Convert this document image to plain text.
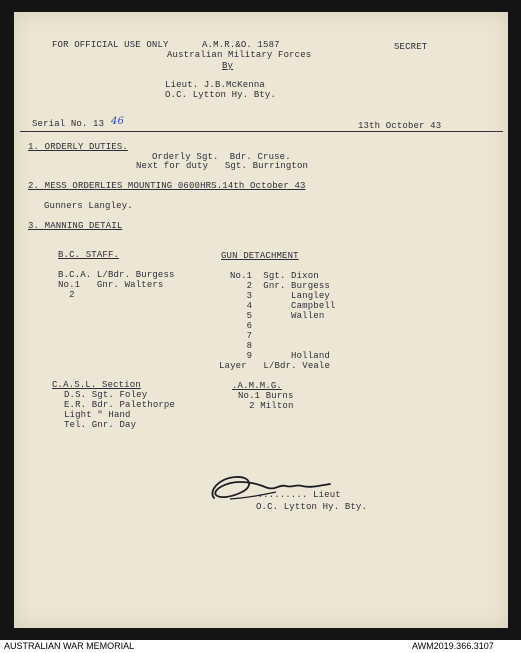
FOR OFFICIAL USE ONLY	A.M.R.&O. 1587	SECRET
Australian Military Forces
By
Lieut. J.B.McKenna
O.C. Lytton Hy. Bty.
Serial No. 13 46	13th October 43
1. ORDERLY DUTIES.
Orderly Sgt.  Bdr. Cruse.
Next for duty   Sgt. Burrington
2. MESS ORDERLIES MOUNTING 0600HRS.14th October 43
Gunners Langley.
3. MANNING DETAIL
B.C. STAFF.
B.C.A. L/Bdr. Burgess
No.1   Gnr. Walters
2
GUN DETACHMENT
No.1  Sgt. Dixon
2  Gnr. Burgess
3       Langley
4       Campbell
5       Wallen
6
7
8
9       Holland
Layer   L/Bdr. Veale
C.A.S.L. Section
D.S. Sgt. Foley
E.R. Bdr. Palethorpe
Light " Hand
Tel. Gnr. Day
.A.M.M.G.
No.1 Burns
2 Milton
.......... Lieut
O.C. Lytton Hy. Bty.
AUSTRALIAN WAR MEMORIAL	AWM2019.366.3107
